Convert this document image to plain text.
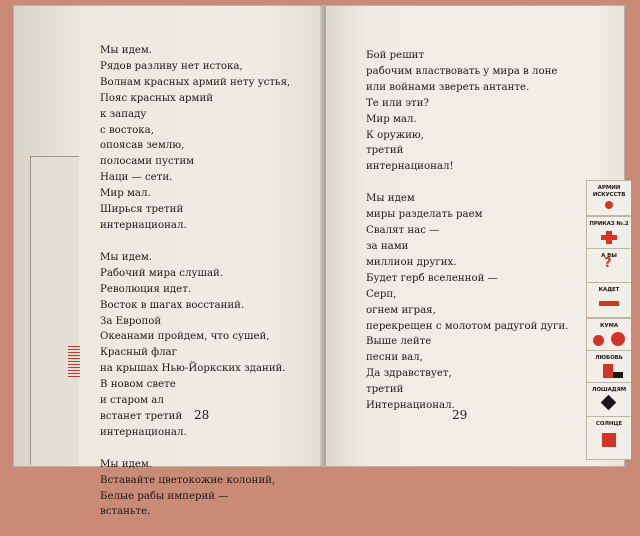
Мы идем.
Рядов разливу нет истока,
Волнам красных армий нету устья,
Пояс красных армий
к западу
с востока,
опоясав землю,
полосами пустим
Наци — сети.
Мир мал.
Ширься третий
интернационал.
Мы идем.
Рабочий мира слушай.
Революция идет.
Восток в шагах восстаний.
За Европой
Океанами пройдем, что сушей,
Красный флаг
на крышах Нью-Йоркских зданий.
В новом свете
и старом ал
встанет третий
интернационал.
Мы идем.
Вставайте цветокожие колоний,
Белые рабы империй —
встаньте.
Бой решит
рабочим властвовать у мира в лоне
или войнами звереть антанте.
Те или эти?
Мир мал.
К оружию,
третий
интернационал!
Мы идем
миры разделать раем
Свалят нас —
за нами
миллион других.
Будет герб вселенной —
Серп,
огнем играя,
перекрещен с молотом радугой дуги.
Выше лейте
песни вал,
Да здравствует,
третий
Интернационал.
28	29
АРМИИ ИСКУССТВ
ПРИКАЗ №.2
А ВЫ
?
КАДЕТ
КУМА
ЛЮБОВЬ
ЛОШАДЯМ
СОЛНЦЕ
